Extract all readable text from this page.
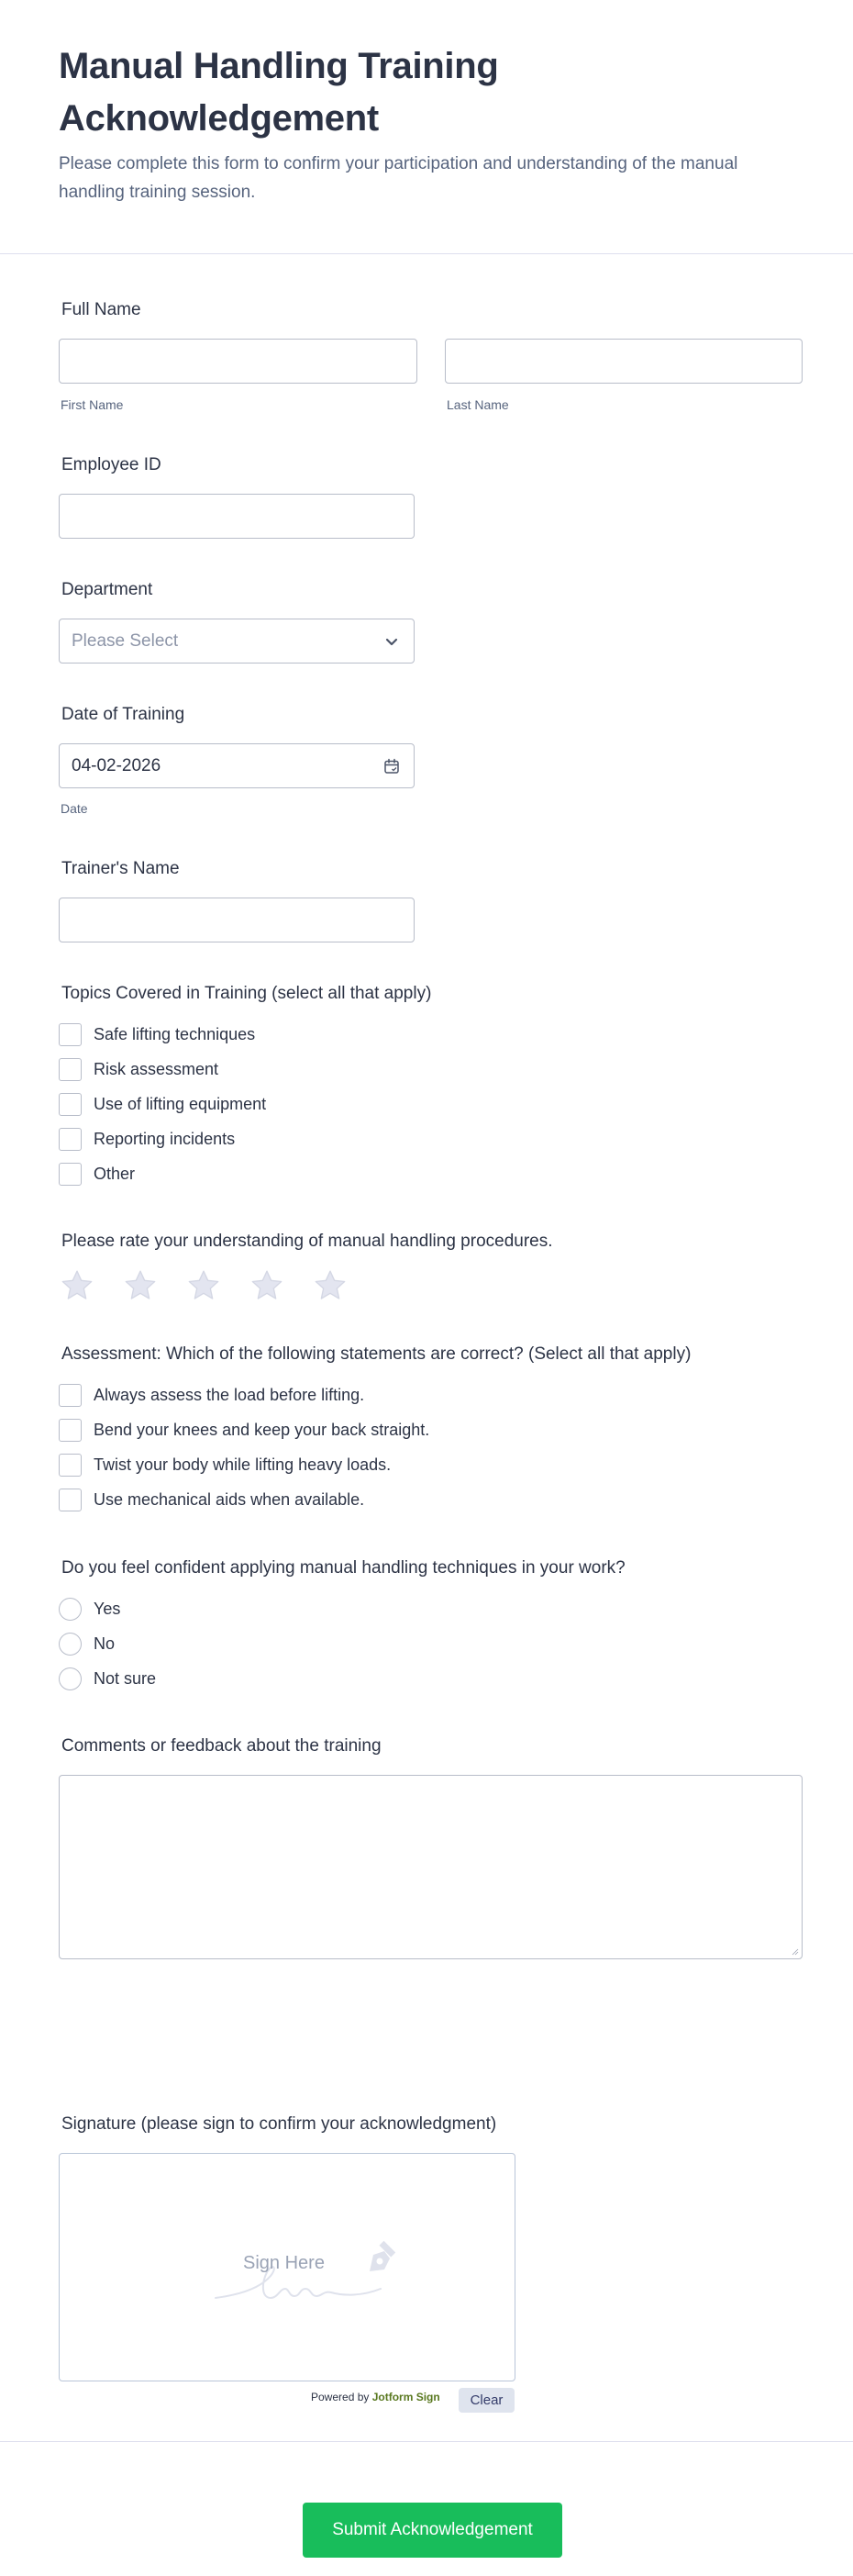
Manual Handling Training Acknowledgement

Please complete this form to confirm your participation and understanding of the manual handling training session.

Full Name
First Name	Last Name
Employee ID
Department
Please Select
Date of Training
04-02-2026
Date
Trainer's Name
Topics Covered in Training (select all that apply)
Safe lifting techniques
Risk assessment
Use of lifting equipment
Reporting incidents
Other
Please rate your understanding of manual handling procedures.
Assessment: Which of the following statements are correct? (Select all that apply)
Always assess the load before lifting.
Bend your knees and keep your back straight.
Twist your body while lifting heavy loads.
Use mechanical aids when available.
Do you feel confident applying manual handling techniques in your work?
Yes
No
Not sure
Comments or feedback about the training
Signature (please sign to confirm your acknowledgment)
Sign Here
Powered by Jotform Sign	Clear
Submit Acknowledgement
